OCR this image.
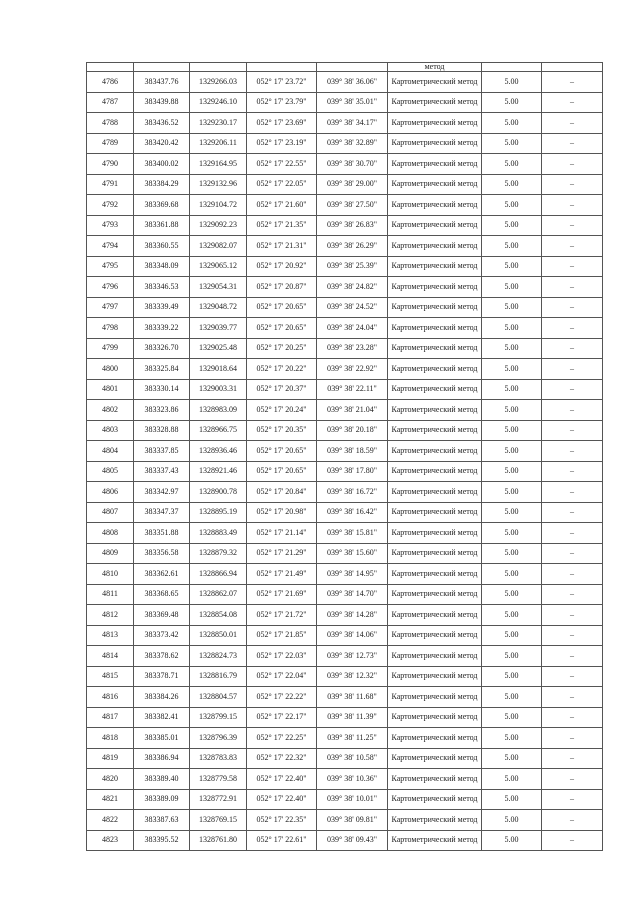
					метод		
4786	383437.76	1329266.03	052° 17' 23.72"	039° 38' 36.06"	Картометрический метод	5.00	–
4787	383439.88	1329246.10	052° 17' 23.79"	039° 38' 35.01"	Картометрический метод	5.00	–
4788	383436.52	1329230.17	052° 17' 23.69"	039° 38' 34.17"	Картометрический метод	5.00	–
4789	383420.42	1329206.11	052° 17' 23.19"	039° 38' 32.89"	Картометрический метод	5.00	–
4790	383400.02	1329164.95	052° 17' 22.55"	039° 38' 30.70"	Картометрический метод	5.00	–
4791	383384.29	1329132.96	052° 17' 22.05"	039° 38' 29.00"	Картометрический метод	5.00	–
4792	383369.68	1329104.72	052° 17' 21.60"	039° 38' 27.50"	Картометрический метод	5.00	–
4793	383361.88	1329092.23	052° 17' 21.35"	039° 38' 26.83"	Картометрический метод	5.00	–
4794	383360.55	1329082.07	052° 17' 21.31"	039° 38' 26.29"	Картометрический метод	5.00	–
4795	383348.09	1329065.12	052° 17' 20.92"	039° 38' 25.39"	Картометрический метод	5.00	–
4796	383346.53	1329054.31	052° 17' 20.87"	039° 38' 24.82"	Картометрический метод	5.00	–
4797	383339.49	1329048.72	052° 17' 20.65"	039° 38' 24.52"	Картометрический метод	5.00	–
4798	383339.22	1329039.77	052° 17' 20.65"	039° 38' 24.04"	Картометрический метод	5.00	–
4799	383326.70	1329025.48	052° 17' 20.25"	039° 38' 23.28"	Картометрический метод	5.00	–
4800	383325.84	1329018.64	052° 17' 20.22"	039° 38' 22.92"	Картометрический метод	5.00	–
4801	383330.14	1329003.31	052° 17' 20.37"	039° 38' 22.11"	Картометрический метод	5.00	–
4802	383323.86	1328983.09	052° 17' 20.24"	039° 38' 21.04"	Картометрический метод	5.00	–
4803	383328.88	1328966.75	052° 17' 20.35"	039° 38' 20.18"	Картометрический метод	5.00	–
4804	383337.85	1328936.46	052° 17' 20.65"	039° 38' 18.59"	Картометрический метод	5.00	–
4805	383337.43	1328921.46	052° 17' 20.65"	039° 38' 17.80"	Картометрический метод	5.00	–
4806	383342.97	1328900.78	052° 17' 20.84"	039° 38' 16.72"	Картометрический метод	5.00	–
4807	383347.37	1328895.19	052° 17' 20.98"	039° 38' 16.42"	Картометрический метод	5.00	–
4808	383351.88	1328883.49	052° 17' 21.14"	039° 38' 15.81"	Картометрический метод	5.00	–
4809	383356.58	1328879.32	052° 17' 21.29"	039° 38' 15.60"	Картометрический метод	5.00	–
4810	383362.61	1328866.94	052° 17' 21.49"	039° 38' 14.95"	Картометрический метод	5.00	–
4811	383368.65	1328862.07	052° 17' 21.69"	039° 38' 14.70"	Картометрический метод	5.00	–
4812	383369.48	1328854.08	052° 17' 21.72"	039° 38' 14.28"	Картометрический метод	5.00	–
4813	383373.42	1328850.01	052° 17' 21.85"	039° 38' 14.06"	Картометрический метод	5.00	–
4814	383378.62	1328824.73	052° 17' 22.03"	039° 38' 12.73"	Картометрический метод	5.00	–
4815	383378.71	1328816.79	052° 17' 22.04"	039° 38' 12.32"	Картометрический метод	5.00	–
4816	383384.26	1328804.57	052° 17' 22.22"	039° 38' 11.68"	Картометрический метод	5.00	–
4817	383382.41	1328799.15	052° 17' 22.17"	039° 38' 11.39"	Картометрический метод	5.00	–
4818	383385.01	1328796.39	052° 17' 22.25"	039° 38' 11.25"	Картометрический метод	5.00	–
4819	383386.94	1328783.83	052° 17' 22.32"	039° 38' 10.58"	Картометрический метод	5.00	–
4820	383389.40	1328779.58	052° 17' 22.40"	039° 38' 10.36"	Картометрический метод	5.00	–
4821	383389.09	1328772.91	052° 17' 22.40"	039° 38' 10.01"	Картометрический метод	5.00	–
4822	383387.63	1328769.15	052° 17' 22.35"	039° 38' 09.81"	Картометрический метод	5.00	–
4823	383395.52	1328761.80	052° 17' 22.61"	039° 38' 09.43"	Картометрический метод	5.00	–
